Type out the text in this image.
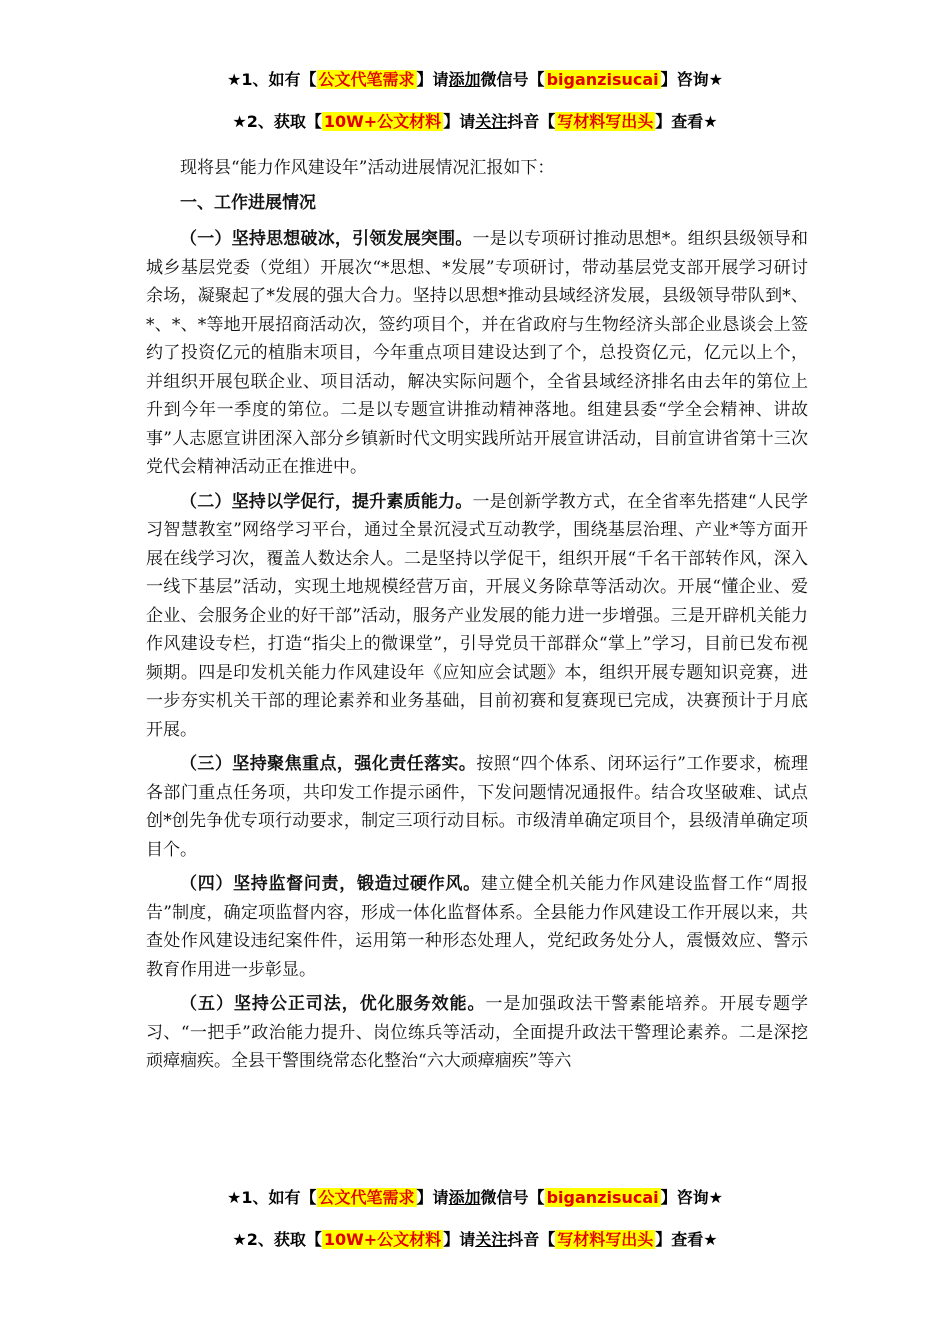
★1、如有【 公文代笔需求 】请添加微信号【 biganzisucai 】咨询★
★2、获取【 10W+公文材料 】请关注抖音【 写材料写出头 】查看★

现将县“能力作风建设年”活动进展情况汇报如下：

一、工作进展情况

（一）坚持思想破冰，引领发展突围。一是以专项研讨推动思想*。组织县级领导和城乡基层党委（党组）开展次“*思想、*发展”专项研讨，带动基层党支部开展学习研讨余场，凝聚起了*发展的强大合力。坚持以思想*推动县域经济发展，县级领导带队到*、*、*、*等地开展招商活动次，签约项目个，并在省政府与生物经济头部企业恳谈会上签约了投资亿元的植脂末项目，今年重点项目建设达到了个，总投资亿元，亿元以上个，并组织开展包联企业、项目活动，解决实际问题个，全省县域经济排名由去年的第位上升到今年一季度的第位。二是以专题宣讲推动精神落地。组建县委“学全会精神、讲故事”人志愿宣讲团深入部分乡镇新时代文明实践所站开展宣讲活动，目前宣讲省第十三次党代会精神活动正在推进中。

（二）坚持以学促行，提升素质能力。一是创新学教方式，在全省率先搭建“人民学习智慧教室”网络学习平台，通过全景沉浸式互动教学，围绕基层治理、产业*等方面开展在线学习次，覆盖人数达余人。二是坚持以学促干，组织开展“千名干部转作风，深入一线下基层”活动，实现土地规模经营万亩，开展义务除草等活动次。开展“懂企业、爱企业、会服务企业的好干部”活动，服务产业发展的能力进一步增强。三是开辟机关能力作风建设专栏，打造“指尖上的微课堂”，引导党员干部群众“掌上”学习，目前已发布视频期。四是印发机关能力作风建设年《应知应会试题》本，组织开展专题知识竞赛，进一步夯实机关干部的理论素养和业务基础，目前初赛和复赛现已完成，决赛预计于月底开展。

（三）坚持聚焦重点，强化责任落实。按照“四个体系、闭环运行”工作要求，梳理各部门重点任务项，共印发工作提示函件，下发问题情况通报件。结合攻坚破难、试点创*创先争优专项行动要求，制定三项行动目标。市级清单确定项目个，县级清单确定项目个。

（四）坚持监督问责，锻造过硬作风。建立健全机关能力作风建设监督工作“周报告”制度，确定项监督内容，形成一体化监督体系。全县能力作风建设工作开展以来，共查处作风建设违纪案件件，运用第一种形态处理人，党纪政务处分人，震慑效应、警示教育作用进一步彰显。

（五）坚持公正司法，优化服务效能。一是加强政法干警素能培养。开展专题学习、“一把手”政治能力提升、岗位练兵等活动，全面提升政法干警理论素养。二是深挖顽瘴痼疾。全县干警围绕常态化整治“六大顽瘴痼疾”等六

★1、如有【 公文代笔需求 】请添加微信号【 biganzisucai 】咨询★
★2、获取【 10W+公文材料 】请关注抖音【 写材料写出头 】查看★
